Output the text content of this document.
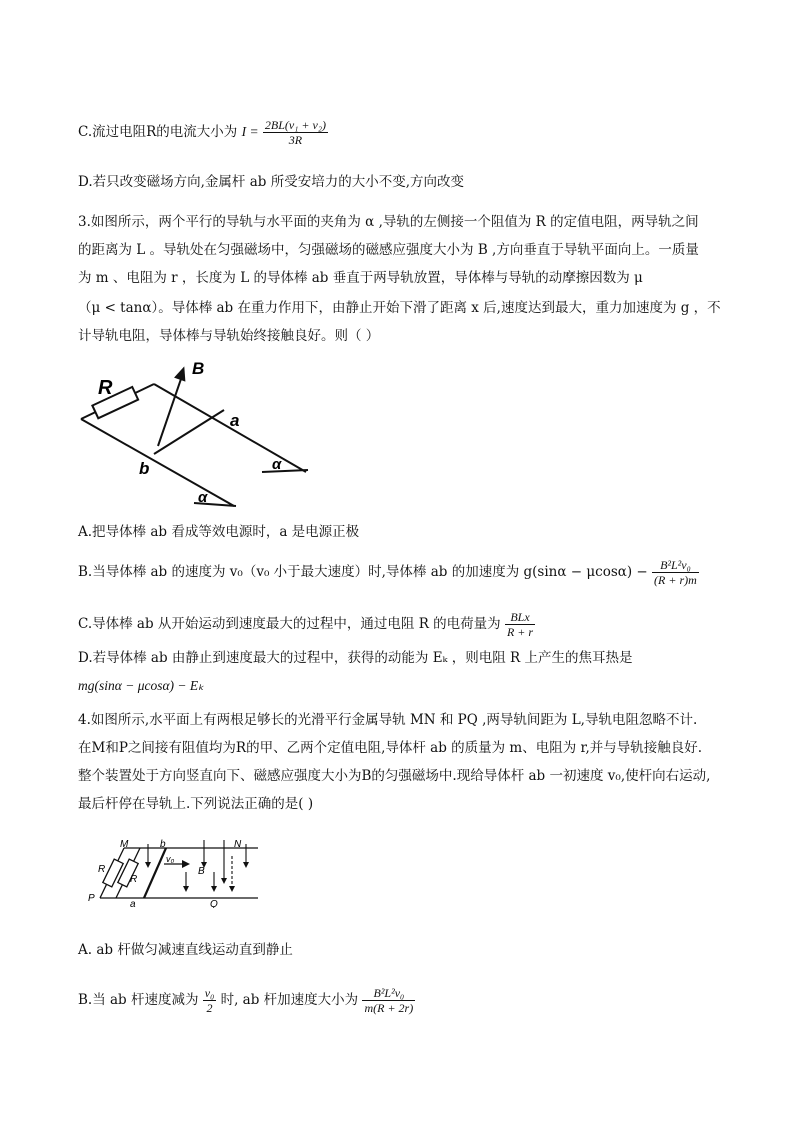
C.流过电阻R的电流大小为 $I = \frac{\text{2BL(v₁ + v₂)}}{3R}$
D.若只改变磁场方向,金属杆 ab 所受安培力的大小不变,方向改变
3.如图所示，两个平行的导轨与水平面的夹角为 α ,导轨的左侧接一个阻值为 R 的定值电阻，两导轨之间
的距离为 L 。导轨处在匀强磁场中，匀强磁场的磁感应强度大小为 B ,方向垂直于导轨平面向上。一质量
为 m 、电阻为 r ，长度为 L 的导体棒 ab 垂直于两导轨放置，导体棒与导轨的动摩擦因数为 μ
（μ < tanα）。导体棒 ab 在重力作用下，由静止开始下滑了距离 x 后,速度达到最大，重力加速度为 g ，不
计导轨电阻，导体棒与导轨始终接触良好。则（ ）
R
B
a
b	α
α
A.把导体棒 ab 看成等效电源时，a 是电源正极
B.当导体棒 ab 的速度为 v₀（v₀ 小于最大速度）时,导体棒 ab 的加速度为 $g(\sin\alpha - \mu\cos\alpha) - \frac{\text{B²L²v₀}}{(R + r)m}$
C.导体棒 ab 从开始运动到速度最大的过程中，通过电阻 R 的电荷量为 $\frac{\text{BLx}}{R + r}$
D.若导体棒 ab 由静止到速度最大的过程中，获得的动能为 Eₖ ，则电阻 R 上产生的焦耳热是
mg(sinα − μcosα) − Eₖ
4.如图所示,水平面上有两根足够长的光滑平行金属导轨 MN 和 PQ ,两导轨间距为 L,导轨电阻忽略不计.
在M和P之间接有阻值均为R的甲、乙两个定值电阻,导体杆 ab 的质量为 m、电阻为 r,并与导轨接触良好.
整个装置处于方向竖直向下、磁感应强度大小为B的匀强磁场中.现给导体杆 ab 一初速度 v₀,使杆向右运动,
最后杆停在导轨上.下列说法正确的是( )
M	N
P
Q
a
b
R
R
v₀
B
A. ab 杆做匀减速直线运动直到静止
B.当 ab 杆速度减为 $\frac{\text{v₀}}{2}$ 时, ab 杆加速度大小为 $\frac{\text{B²L²v₀}}{m(R + 2r)}$
